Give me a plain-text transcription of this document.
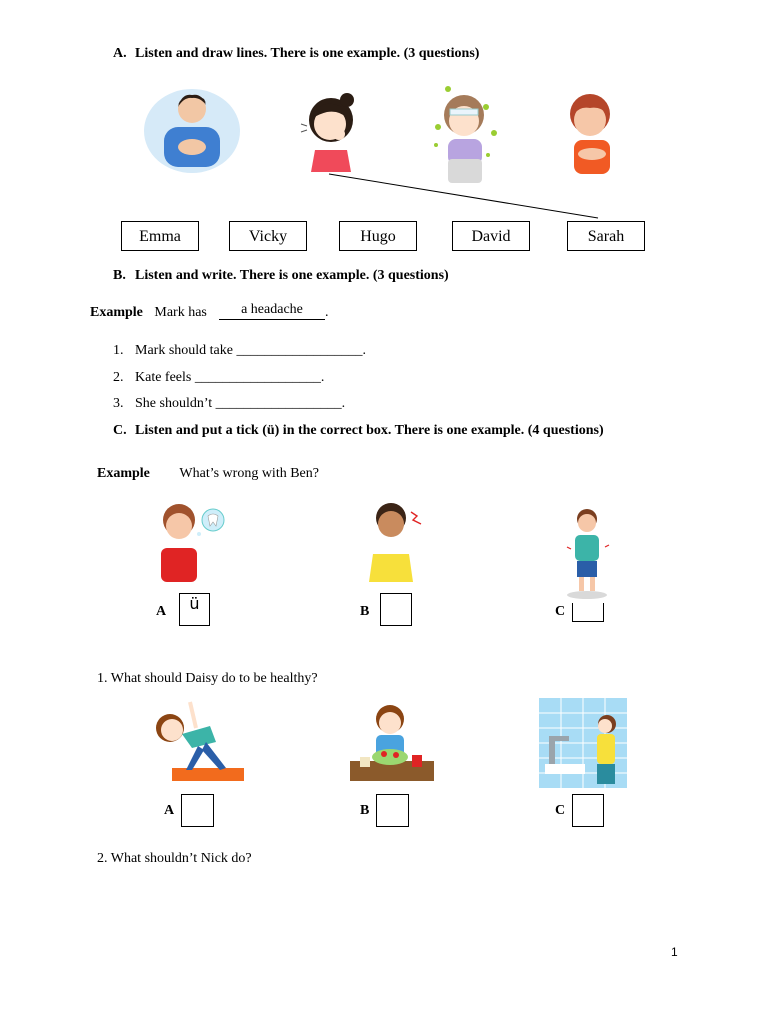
A. Listen and draw lines. There is one example. (3 questions)
Emma	Vicky	Hugo	David	Sarah
B. Listen and write. There is one example. (3 questions)
Example Mark has	a headache	.
1. Mark should take __________________.
2. Kate feels __________________.
3. She shouldn’t __________________.
C. Listen and put a tick (ü) in the correct box. There is one example. (4 questions)
Example What’s wrong with Ben?
A	ü	B	C
1. What should Daisy do to be healthy?
A	B	C
2. What shouldn’t Nick do?
1
